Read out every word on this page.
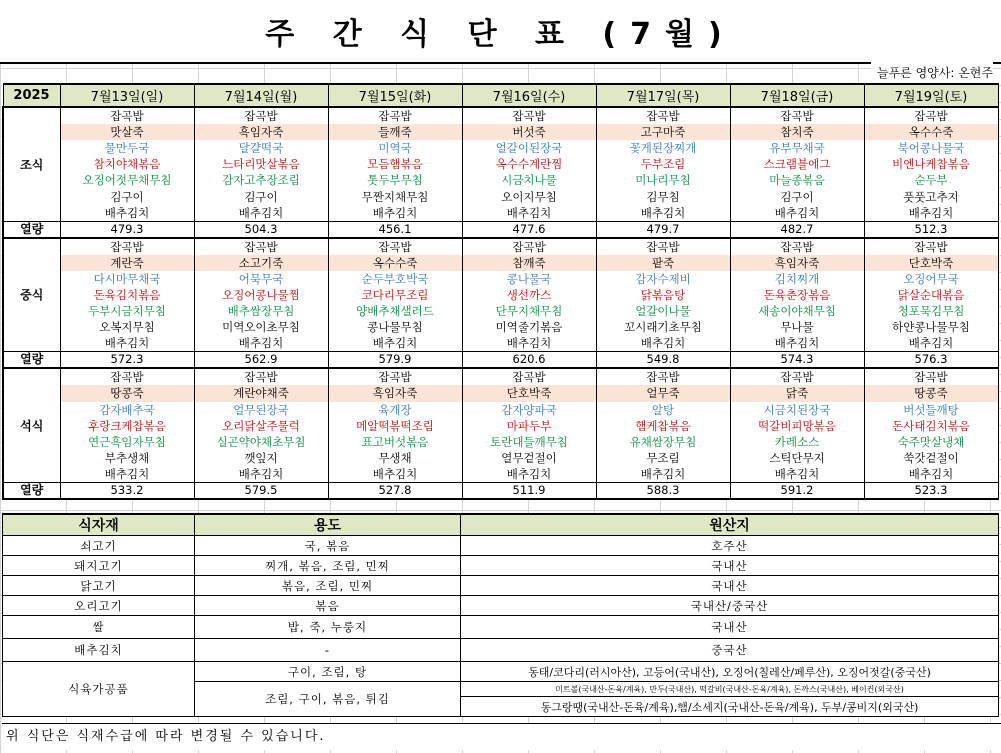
주 간 식 단 표 (7월)
늘푸른 영양사: 온현주
2025	7월13일(일)	7월14일(월)	7월15일(화)	7월16일(수)	7월17일(목)	7월18일(금)	7월19일(토)
조식	잡곡밥	잡곡밥	잡곡밥	잡곡밥	잡곡밥	잡곡밥	잡곡밥
	맛살죽	흑임자죽	들깨죽	버섯죽	고구마죽	참치죽	옥수수죽
	물만두국	달걀떡국	미역국	얼갈이된장국	꽃게된장찌개	유부무채국	북어콩나물국
	참치야채볶음	느타리맛살볶음	모듬햄볶음	옥수수계란찜	두부조림	스크램블에그	비엔나케찹볶음
	오징어젓무채무침	감자고추장조림	톳두부무침	시금치나물	미나리무침	마늘종볶음	순두부
	김구이	김구이	무짠지채무침	오이지무침	김무침	김구이	풋풋고추지
	배추김치	배추김치	배추김치	배추김치	배추김치	배추김치	배추김치
열량	479.3	504.3	456.1	477.6	479.7	482.7	512.3
중식	잡곡밥	잡곡밥	잡곡밥	잡곡밥	잡곡밥	잡곡밥	잡곡밥
	계란죽	소고기죽	옥수수죽	참깨죽	팥죽	흑임자죽	단호박죽
	다시마무채국	어묵무국	순두부호박국	콩나물국	감자수제비	김치찌개	오징어무국
	돈육김치볶음	오징어콩나물찜	코다리무조림	생선까스	닭볶음탕	돈육춘장볶음	닭살순대볶음
	두부시금치무침	배추쌈장무침	양배추채샐러드	단무지채무침	얼갈이나물	새송이야채무침	청포묵김무침
	오복지무침	미역오이초무침	콩나물무침	미역줄기볶음	꼬시래기초무침	무나물	하얀콩나물무침
	배추김치	배추김치	배추김치	배추김치	배추김치	배추김치	배추김치
열량	572.3	562.9	579.9	620.6	549.8	574.3	576.3
석식	잡곡밥	잡곡밥	잡곡밥	잡곡밥	잡곡밥	잡곡밥	잡곡밥
	땅콩죽	계란야채죽	흑임자죽	단호박죽	얼무죽	닭죽	땅콩죽
	감자배추국	얼무된장국	육개장	감자양파국	알탕	시금치된장국	버섯들깨탕
	후랑크케찹볶음	오리닭살주물럭	메알떡볶떡조림	마파두부	햄케찹볶음	떡갈비피망볶음	돈사태김치볶음
	연근흑임자무침	실곤약야채초무침	표고버섯볶음	토란대들깨무침	유채쌈장무침	카레소스	숙주맛살냉채
	부추생채	깻잎지	무생채	열무겉절이	무조림	스틱단무지	쑥갓겉절이
	배추김치	배추김치	배추김치	배추김치	배추김치	배추김치	배추김치
열량	533.2	579.5	527.8	511.9	588.3	591.2	523.3
식자재	용도	원산지
쇠고기	국, 볶음	호주산
돼지고기	찌개, 볶음, 조림, 민찌	국내산
닭고기	볶음, 조림, 민찌	국내산
오리고기	볶음	국내산/중국산
쌀	밥, 죽, 누룽지	국내산
배추김치	-	중국산
식육가공품	구이, 조림, 탕	동태/코다리(러시아산), 고등어(국내산), 오징어(칠레산/페루산), 오징어젓갈(중국산)
	조림, 구이, 볶음, 튀김	미트볼(국내산-돈육/계육), 만두(국내산), 떡갈비(국내산-돈육/계육), 돈까스(국내산), 베이컨(외국산)
		동그랑땡(국내산-돈육/계육),햄/소세지(국내산-돈육/계육), 두부/콩비지(외국산)
위 식단은 식재수급에 따라 변경될 수 있습니다.
